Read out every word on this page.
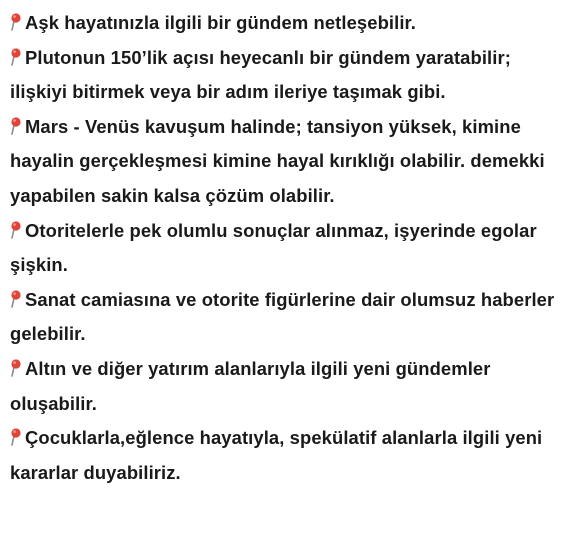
Aşk hayatınızla ilgili bir gündem netleşebilir.

Plutonun 150’lik açısı heyecanlı bir gündem yaratabilir; ilişkiyi bitirmek veya bir adım ileriye taşımak gibi.

Mars - Venüs kavuşum halinde; tansiyon yüksek, kimine hayalin gerçekleşmesi kimine hayal kırıklığı olabilir. demekki yapabilen sakin kalsa çözüm olabilir.

Otoritelerle pek olumlu sonuçlar alınmaz, işyerinde egolar şişkin.

Sanat camiasına ve otorite figürlerine dair olumsuz haberler gelebilir.

Altın ve diğer yatırım alanlarıyla ilgili yeni gündemler oluşabilir.

Çocuklarla,eğlence hayatıyla, spekülatif alanlarla ilgili yeni kararlar duyabiliriz.
